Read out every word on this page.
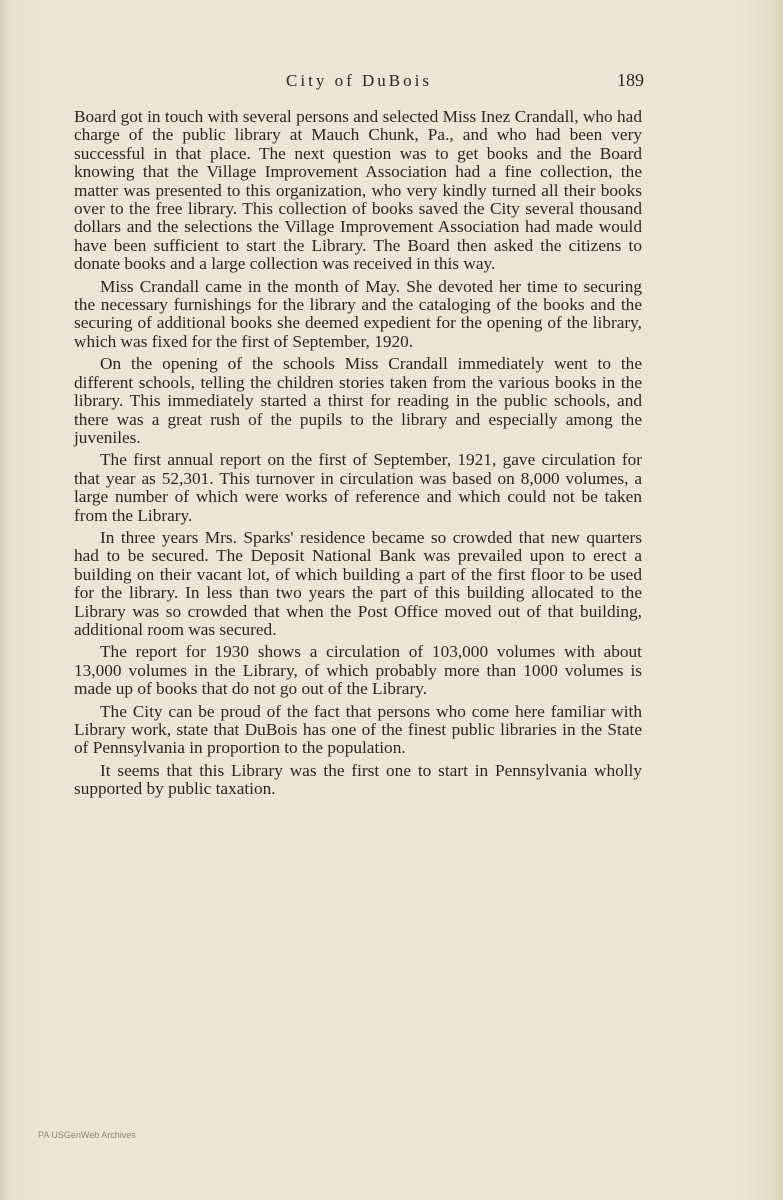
City of DuBois	189

Board got in touch with several persons and selected Miss Inez Crandall, who had charge of the public library at Mauch Chunk, Pa., and who had been very successful in that place. The next question was to get books and the Board knowing that the Village Improvement Association had a fine collection, the matter was presented to this organization, who very kindly turned all their books over to the free library. This collection of books saved the City several thousand dollars and the selections the Village Improvement Association had made would have been sufficient to start the Library. The Board then asked the citizens to donate books and a large collection was received in this way.

Miss Crandall came in the month of May. She devoted her time to securing the necessary furnishings for the library and the cataloging of the books and the securing of additional books she deemed expedient for the opening of the library, which was fixed for the first of September, 1920.

On the opening of the schools Miss Crandall immediately went to the different schools, telling the children stories taken from the various books in the library. This immediately started a thirst for reading in the public schools, and there was a great rush of the pupils to the library and especially among the juveniles.

The first annual report on the first of September, 1921, gave circulation for that year as 52,301. This turnover in circulation was based on 8,000 volumes, a large number of which were works of reference and which could not be taken from the Library.

In three years Mrs. Sparks' residence became so crowded that new quarters had to be secured. The Deposit National Bank was prevailed upon to erect a building on their vacant lot, of which building a part of the first floor to be used for the library. In less than two years the part of this building allocated to the Library was so crowded that when the Post Office moved out of that building, additional room was secured.

The report for 1930 shows a circulation of 103,000 volumes with about 13,000 volumes in the Library, of which probably more than 1000 volumes is made up of books that do not go out of the Library.

The City can be proud of the fact that persons who come here familiar with Library work, state that DuBois has one of the finest public libraries in the State of Pennsylvania in proportion to the population.

It seems that this Library was the first one to start in Pennsylvania wholly supported by public taxation.

PA USGenWeb Archives
